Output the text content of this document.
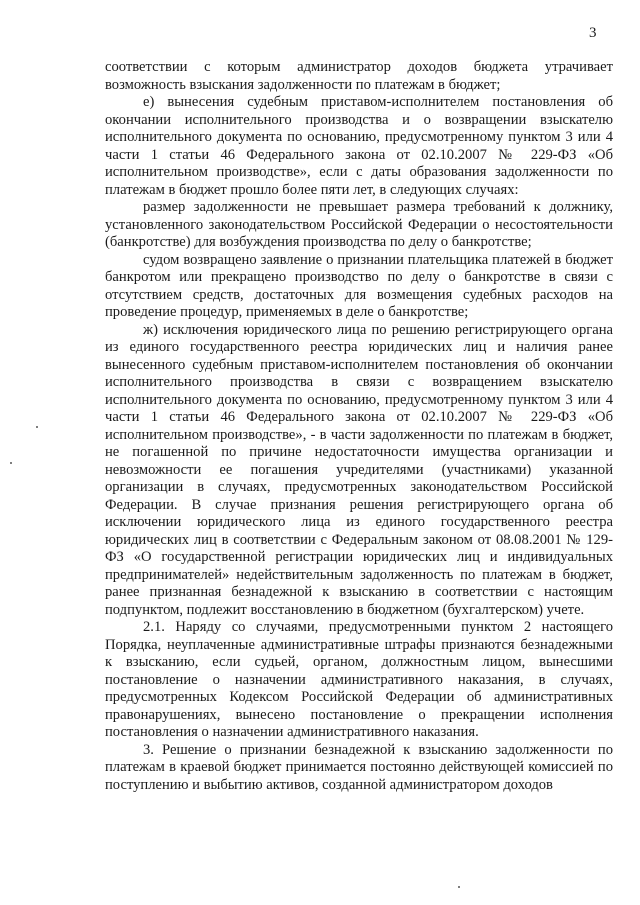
3

соответствии с которым администратор доходов бюджета утрачивает возможность взыскания задолженности по платежам в бюджет;

е) вынесения судебным приставом-исполнителем постановления об окончании исполнительного производства и о возвращении взыскателю исполнительного документа по основанию, предусмотренному пунктом 3 или 4 части 1 статьи 46 Федерального закона от 02.10.2007 № 229-ФЗ «Об исполнительном производстве», если с даты образования задолженности по платежам в бюджет прошло более пяти лет, в следующих случаях:

размер задолженности не превышает размера требований к должнику, установленного законодательством Российской Федерации о несостоятельности (банкротстве) для возбуждения производства по делу о банкротстве;

судом возвращено заявление о признании плательщика платежей в бюджет банкротом или прекращено производство по делу о банкротстве в связи с отсутствием средств, достаточных для возмещения судебных расходов на проведение процедур, применяемых в деле о банкротстве;

ж) исключения юридического лица по решению регистрирующего органа из единого государственного реестра юридических лиц и наличия ранее вынесенного судебным приставом-исполнителем постановления об окончании исполнительного производства в связи с возвращением взыскателю исполнительного документа по основанию, предусмотренному пунктом 3 или 4 части 1 статьи 46 Федерального закона от 02.10.2007 № 229-ФЗ «Об исполнительном производстве», - в части задолженности по платежам в бюджет, не погашенной по причине недостаточности имущества организации и невозможности ее погашения учредителями (участниками) указанной организации в случаях, предусмотренных законодательством Российской Федерации. В случае признания решения регистрирующего органа об исключении юридического лица из единого государственного реестра юридических лиц в соответствии с Федеральным законом от 08.08.2001 № 129-ФЗ «О государственной регистрации юридических лиц и индивидуальных предпринимателей» недействительным задолженность по платежам в бюджет, ранее признанная безнадежной к взысканию в соответствии с настоящим подпунктом, подлежит восстановлению в бюджетном (бухгалтерском) учете.

2.1. Наряду со случаями, предусмотренными пунктом 2 настоящего Порядка, неуплаченные административные штрафы признаются безнадежными к взысканию, если судьей, органом, должностным лицом, вынесшими постановление о назначении административного наказания, в случаях, предусмотренных Кодексом Российской Федерации об административных правонарушениях, вынесено постановление о прекращении исполнения постановления о назначении административного наказания.

3. Решение о признании безнадежной к взысканию задолженности по платежам в краевой бюджет принимается постоянно действующей комиссией по поступлению и выбытию активов, созданной администратором доходов
